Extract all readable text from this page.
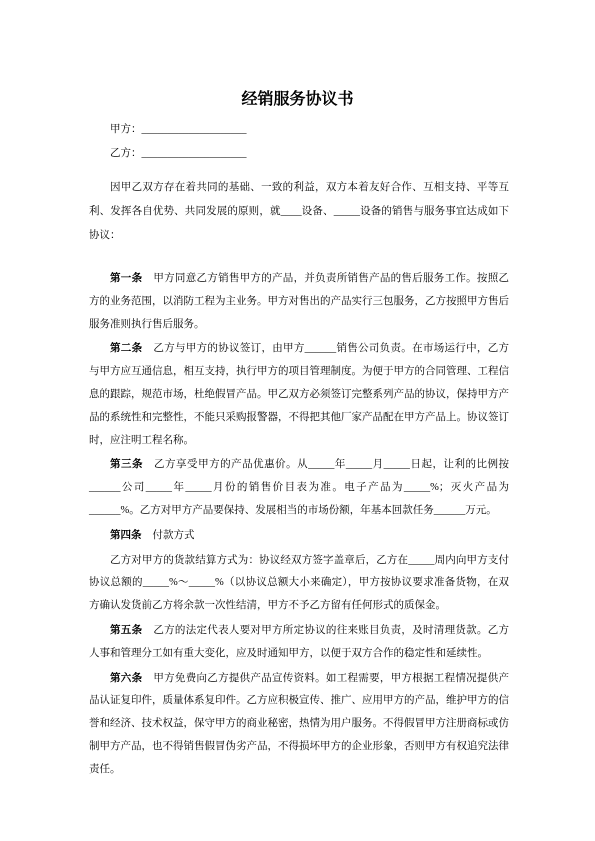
经销服务协议书

甲方：____________________

乙方：____________________

因甲乙双方存在着共同的基础、一致的利益，双方本着友好合作、互相支持、平等互利、发挥各自优势、共同发展的原则，就____设备、_____设备的销售与服务事宜达成如下协议：

第一条 甲方同意乙方销售甲方的产品，并负责所销售产品的售后服务工作。按照乙方的业务范围，以消防工程为主业务。甲方对售出的产品实行三包服务，乙方按照甲方售后服务准则执行售后服务。

第二条 乙方与甲方的协议签订，由甲方______销售公司负责。在市场运行中，乙方与甲方应互通信息，相互支持，执行甲方的项目管理制度。为便于甲方的合同管理、工程信息的跟踪，规范市场，杜绝假冒产品。甲乙双方必须签订完整系列产品的协议，保持甲方产品的系统性和完整性，不能只采购报警器，不得把其他厂家产品配在甲方产品上。协议签订时，应注明工程名称。

第三条 乙方享受甲方的产品优惠价。从_____年_____月_____日起，让利的比例按______公司_____年_____月份的销售价目表为准。电子产品为_____%；灭火产品为______%。乙方对甲方产品要保持、发展相当的市场份额，年基本回款任务______万元。

第四条 付款方式

乙方对甲方的货款结算方式为：协议经双方签字盖章后，乙方在_____周内向甲方支付协议总额的_____%～_____%（以协议总额大小来确定），甲方按协议要求准备货物，在双方确认发货前乙方将余款一次性结清，甲方不予乙方留有任何形式的质保金。

第五条 乙方的法定代表人要对甲方所定协议的往来账目负责，及时清理货款。乙方人事和管理分工如有重大变化，应及时通知甲方，以便于双方合作的稳定性和延续性。

第六条 甲方免费向乙方提供产品宣传资料。如工程需要，甲方根据工程情况提供产品认证复印件，质量体系复印件。乙方应积极宣传、推广、应用甲方的产品，维护甲方的信誉和经济、技术权益，保守甲方的商业秘密，热情为用户服务。不得假冒甲方注册商标或仿制甲方产品，也不得销售假冒伪劣产品，不得损坏甲方的企业形象，否则甲方有权追究法律责任。
